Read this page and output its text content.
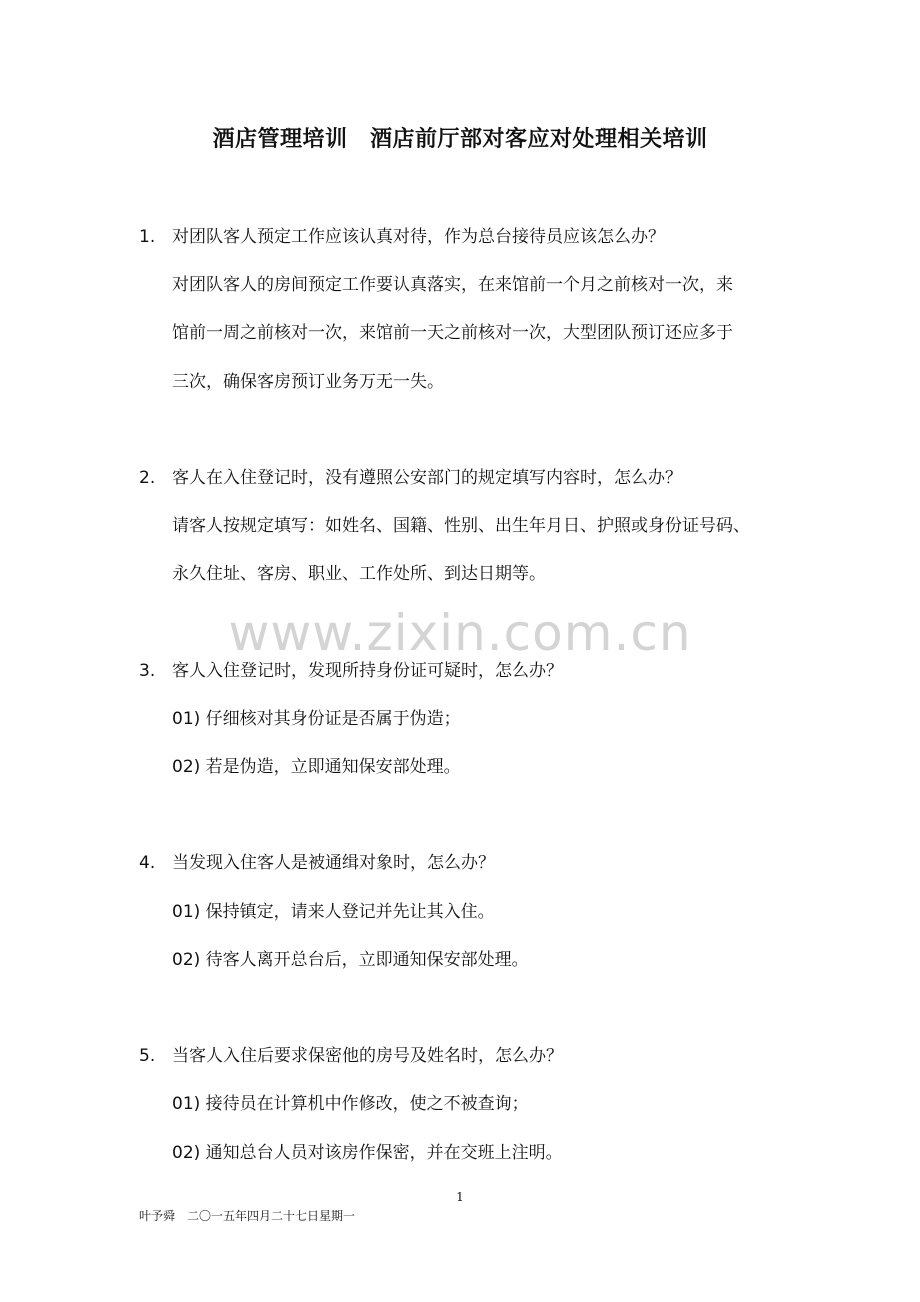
酒店管理培训　酒店前厅部对客应对处理相关培训
1. 对团队客人预定工作应该认真对待，作为总台接待员应该怎么办？
对团队客人的房间预定工作要认真落实，在来馆前一个月之前核对一次，来
馆前一周之前核对一次，来馆前一天之前核对一次，大型团队预订还应多于
三次，确保客房预订业务万无一失。
2. 客人在入住登记时，没有遵照公安部门的规定填写内容时，怎么办？
请客人按规定填写：如姓名、国籍、性别、出生年月日、护照或身份证号码、
永久住址、客房、职业、工作处所、到达日期等。
www.zixin.com.cn
3. 客人入住登记时，发现所持身份证可疑时，怎么办？
01) 仔细核对其身份证是否属于伪造；
02) 若是伪造，立即通知保安部处理。
4. 当发现入住客人是被通缉对象时，怎么办？
01) 保持镇定，请来人登记并先让其入住。
02) 待客人离开总台后，立即通知保安部处理。
5. 当客人入住后要求保密他的房号及姓名时，怎么办？
01) 接待员在计算机中作修改，使之不被查询；
02) 通知总台人员对该房作保密，并在交班上注明。
1
叶予舜　二〇一五年四月二十七日星期一
